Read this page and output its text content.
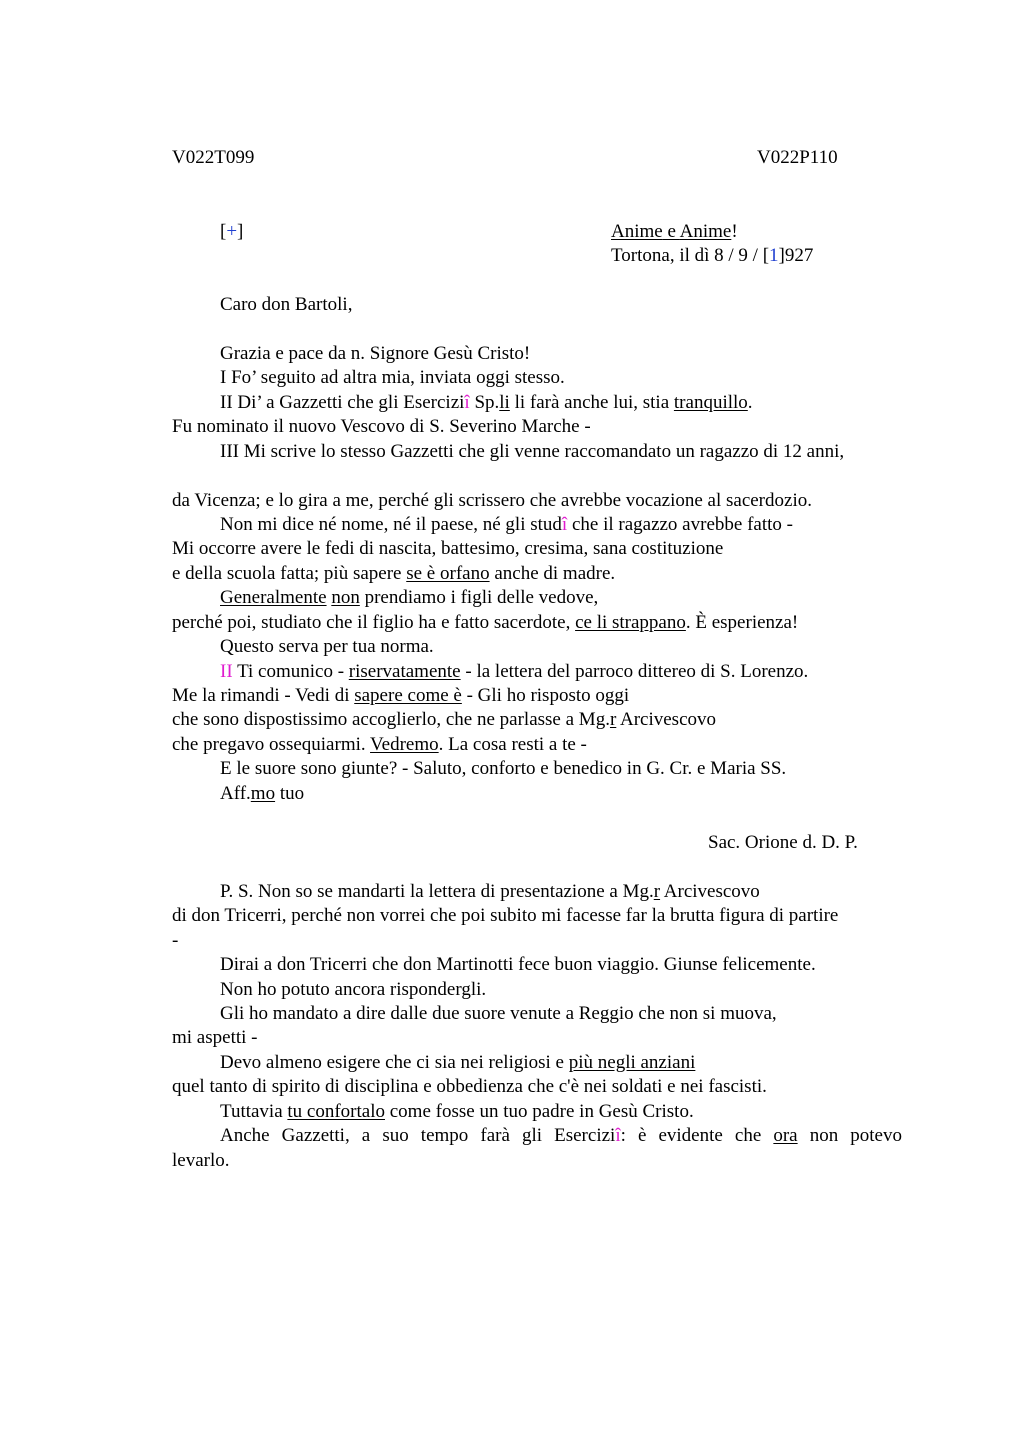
V022T099	V022P110
[+]	Anime e Anime!
Tortona, il dì 8 / 9 / [1]927
Caro don Bartoli,
Grazia e pace da n. Signore Gesù Cristo!
I Fo’ seguito ad altra mia, inviata oggi stesso.
II Di’ a Gazzetti che gli Eserciziî Sp.li li farà anche lui, stia tranquillo.
Fu nominato il nuovo Vescovo di S. Severino Marche -
III Mi scrive lo stesso Gazzetti che gli venne raccomandato un ragazzo di 12 anni,
da Vicenza; e lo gira a me, perché gli scrissero che avrebbe vocazione al sacerdozio.
Non mi dice né nome, né il paese, né gli studî che il ragazzo avrebbe fatto -
Mi occorre avere le fedi di nascita, battesimo, cresima, sana costituzione
e della scuola fatta; più sapere se è orfano anche di madre.
Generalmente non prendiamo i figli delle vedove,
perché poi, studiato che il figlio ha e fatto sacerdote, ce li strappano. È esperienza!
Questo serva per tua norma.
II Ti comunico - riservatamente - la lettera del parroco dittereo di S. Lorenzo.
Me la rimandi - Vedi di sapere come è - Gli ho risposto oggi
che sono dispostissimo accoglierlo, che ne parlasse a Mg.r Arcivescovo
che pregavo ossequiarmi. Vedremo. La cosa resti a te -
E le suore sono giunte? - Saluto, conforto e benedico in G. Cr. e Maria SS.
Aff.mo tuo
Sac. Orione d. D. P.
P. S. Non so se mandarti la lettera di presentazione a Mg.r Arcivescovo
di don Tricerri, perché non vorrei che poi subito mi facesse far la brutta figura di partire
-
Dirai a don Tricerri che don Martinotti fece buon viaggio. Giunse felicemente.
Non ho potuto ancora rispondergli.
Gli ho mandato a dire dalle due suore venute a Reggio che non si muova,
mi aspetti -
Devo almeno esigere che ci sia nei religiosi e più negli anziani
quel tanto di spirito di disciplina e obbedienza che c'è nei soldati e nei fascisti.
Tuttavia tu confortalo come fosse un tuo padre in Gesù Cristo.
Anche Gazzetti, a suo tempo farà gli Eserciziî: è evidente che ora non potevo
levarlo.
